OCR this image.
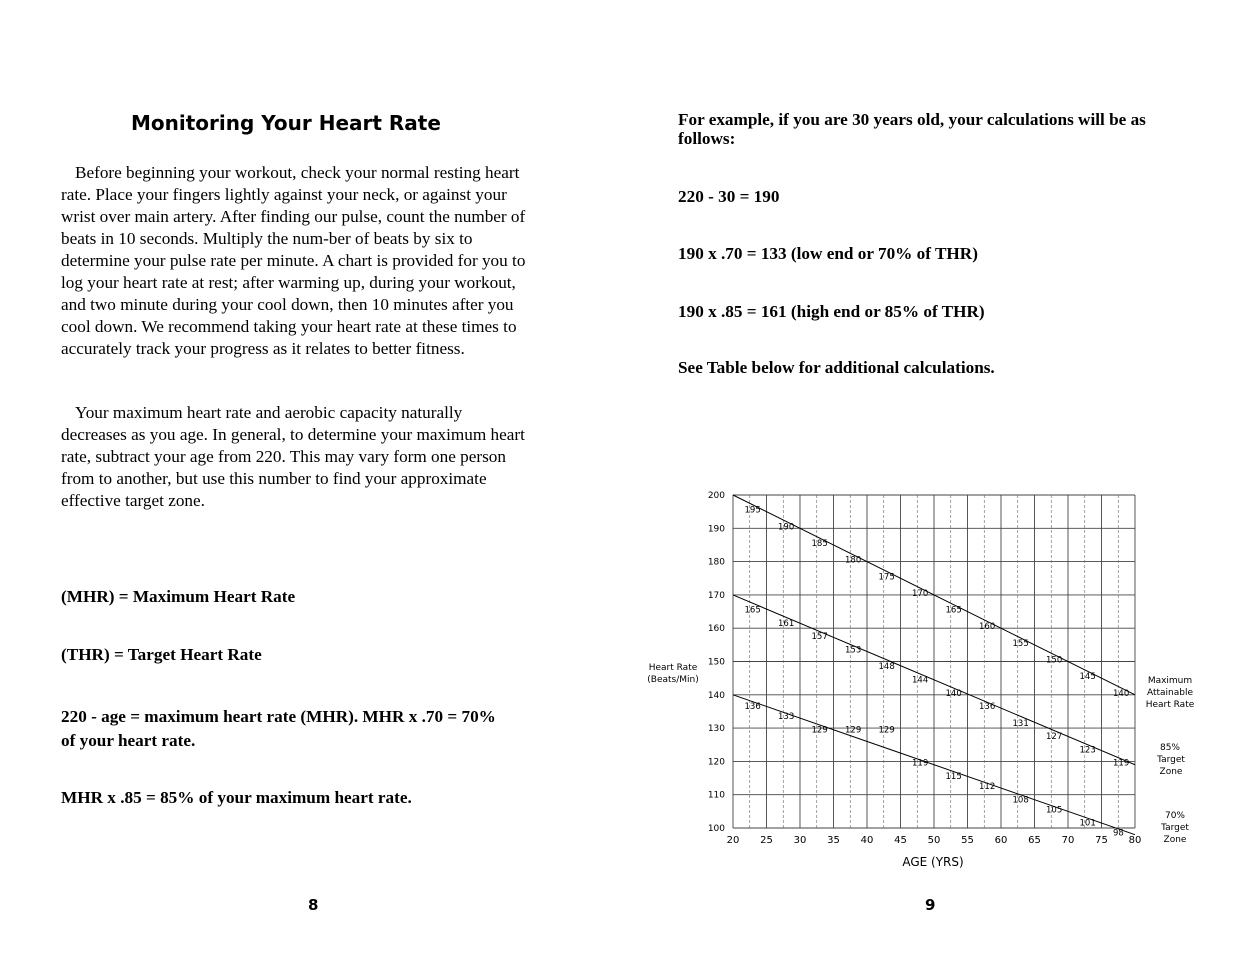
Monitoring Your Heart Rate

Before beginning your workout, check your normal resting heart rate. Place your fingers lightly against your neck, or against your wrist over main artery. After finding our pulse, count the number of beats in 10 seconds. Multiply the num-ber of beats by six to determine your pulse rate per minute. A chart is provided for you to log your heart rate at rest; after warming up, during your workout, and two minute during your cool down, then 10 minutes after you cool down. We recommend taking your heart rate at these times to accurately track your progress as it relates to better fitness.

Your maximum heart rate and aerobic capacity naturally decreases as you age. In general, to determine your maximum heart rate, subtract your age from 220. This may vary form one person from to another, but use this number to find your approximate effective target zone.

(MHR) = Maximum Heart Rate

(THR) = Target Heart Rate

220 - age = maximum heart rate (MHR). MHR x .70 = 70% of your heart rate.

MHR x .85 = 85% of your maximum heart rate.

8

For example, if you are 30 years old, your calculations will be as follows:

220 - 30 = 190

190 x .70 = 133 (low end or 70% of THR)

190 x .85 = 161 (high end or 85% of THR)

See Table below for additional calculations.

9

195
190
185
180
175
170
165
160
155
150
145
140
165
161
157
153
148
144
140
136
131
127
123
119
136
133
129 129 129
119
115
112
108
105
101
98
100
110
120
130
140
150
160
170
180
190
200
20 25 30 35 40 45 50 55 60 65 70 75 80
Heart Rate
(Beats/Min)	Maximum
Attainable
Heart Rate
85%
Target
Zone
70%
Target
Zone
AGE (YRS)
